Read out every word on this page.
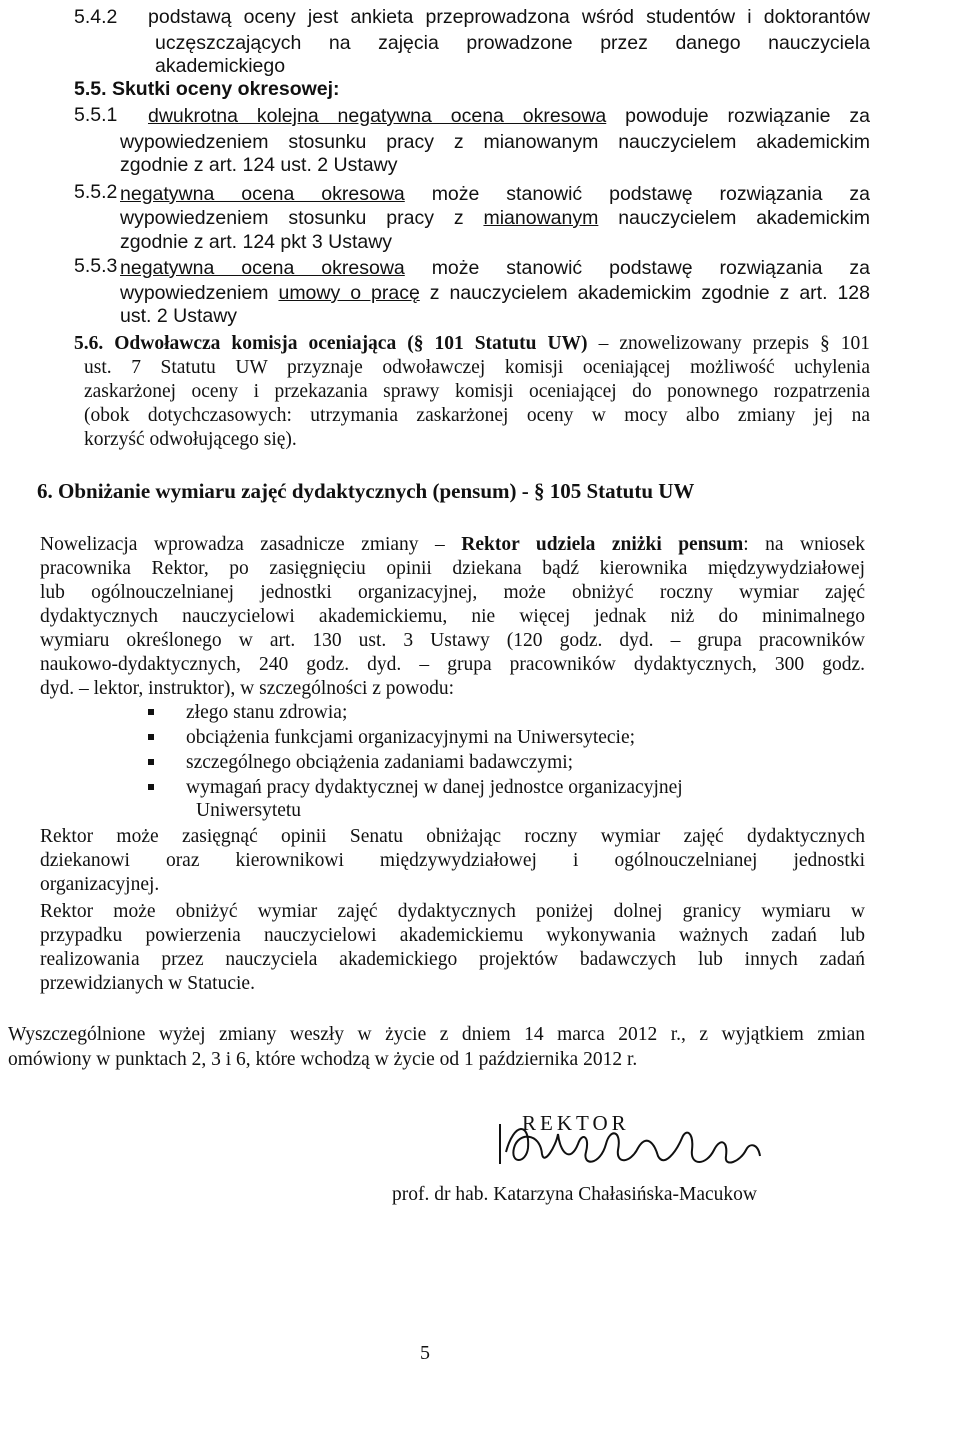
5.4.2 podstawą oceny jest ankieta przeprowadzona wśród studentów i doktorantów
uczęszczających na zajęcia prowadzone przez danego nauczyciela
akademickiego
5.5. Skutki oceny okresowej:
5.5.1 dwukrotna kolejna negatywna ocena okresowa powoduje rozwiązanie za
wypowiedzeniem stosunku pracy z mianowanym nauczycielem akademickim
zgodnie z art. 124 ust. 2 Ustawy
5.5.2 negatywna ocena okresowa może stanowić podstawę rozwiązania za
wypowiedzeniem stosunku pracy z mianowanym nauczycielem akademickim
zgodnie z art. 124 pkt 3 Ustawy
5.5.3 negatywna ocena okresowa może stanowić podstawę rozwiązania za
wypowiedzeniem umowy o pracę z nauczycielem akademickim zgodnie z art. 128
ust. 2 Ustawy
5.6. Odwoławcza komisja oceniająca (§ 101 Statutu UW) – znowelizowany przepis § 101
ust. 7 Statutu UW przyznaje odwoławczej komisji oceniającej możliwość uchylenia
zaskarżonej oceny i przekazania sprawy komisji oceniającej do ponownego rozpatrzenia
(obok dotychczasowych: utrzymania zaskarżonej oceny w mocy albo zmiany jej na
korzyść odwołującego się).
6. Obniżanie wymiaru zajęć dydaktycznych (pensum) - § 105 Statutu UW
Nowelizacja wprowadza zasadnicze zmiany – Rektor udziela zniżki pensum: na wniosek
pracownika Rektor, po zasięgnięciu opinii dziekana bądź kierownika międzywydziałowej
lub ogólnouczelnianej jednostki organizacyjnej, może obniżyć roczny wymiar zajęć
dydaktycznych nauczycielowi akademickiemu, nie więcej jednak niż do minimalnego
wymiaru określonego w art. 130 ust. 3 Ustawy (120 godz. dyd. – grupa pracowników
naukowo-dydaktycznych, 240 godz. dyd. – grupa pracowników dydaktycznych, 300 godz.
dyd. – lektor, instruktor), w szczególności z powodu:
złego stanu zdrowia;
obciążenia funkcjami organizacyjnymi na Uniwersytecie;
szczególnego obciążenia zadaniami badawczymi;
wymagań pracy dydaktycznej w danej jednostce organizacyjnej
Uniwersytetu
Rektor może zasięgnąć opinii Senatu obniżając roczny wymiar zajęć dydaktycznych
dziekanowi oraz kierownikowi międzywydziałowej i ogólnouczelnianej jednostki
organizacyjnej.
Rektor może obniżyć wymiar zajęć dydaktycznych poniżej dolnej granicy wymiaru w
przypadku powierzenia nauczycielowi akademickiemu wykonywania ważnych zadań lub
realizowania przez nauczyciela akademickiego projektów badawczych lub innych zadań
przewidzianych w Statucie.
Wyszczególnione wyżej zmiany weszły w życie z dniem 14 marca 2012 r., z wyjątkiem zmian
omówiony w punktach 2, 3 i 6, które wchodzą w życie od 1 października 2012 r.
REKTOR
prof. dr hab. Katarzyna Chałasińska-Macukow
5
